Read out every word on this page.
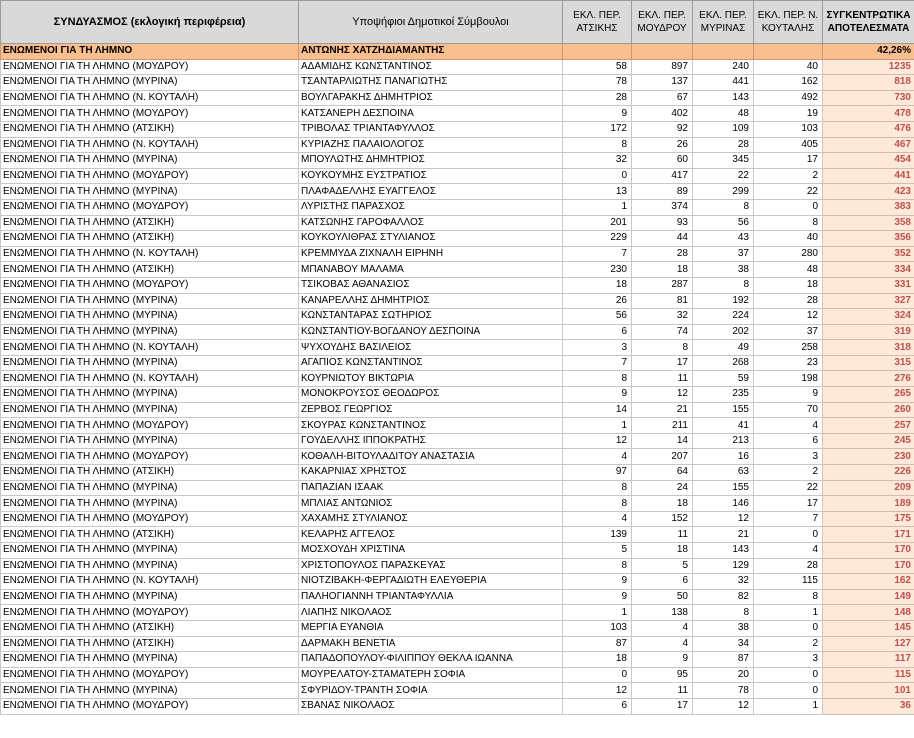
ΣΥΝΔΥΑΣΜΟΣ (εκλογική περιφέρεια)	Υποψήφιοι Δημοτικοί Σύμβουλοι	ΕΚΛ. ΠΕΡ. ΑΤΣΙΚΗΣ	ΕΚΛ. ΠΕΡ. ΜΟΥΔΡΟΥ	ΕΚΛ. ΠΕΡ. ΜΥΡΙΝΑΣ	ΕΚΛ. ΠΕΡ. Ν. ΚΟΥΤΑΛΗΣ	ΣΥΓΚΕΝΤΡΩΤΙΚΑ ΑΠΟΤΕΛΕΣΜΑΤΑ
ΕΝΩΜΕΝΟΙ ΓΙΑ ΤΗ ΛΗΜΝΟ	ΑΝΤΩΝΗΣ ΧΑΤΖΗΔΙΑΜΑΝΤΗΣ					42,26%
ΕΝΩΜΕΝΟΙ ΓΙΑ ΤΗ ΛΗΜΝΟ (ΜΟΥΔΡΟΥ)	ΑΔΑΜΙΔΗΣ ΚΩΝΣΤΑΝΤΙΝΟΣ	58	897	240	40	1235
ΕΝΩΜΕΝΟΙ ΓΙΑ ΤΗ ΛΗΜΝΟ (ΜΥΡΙΝΑ)	ΤΣΑΝΤΑΡΛΙΩΤΗΣ ΠΑΝΑΓΙΩΤΗΣ	78	137	441	162	818
ΕΝΩΜΕΝΟΙ ΓΙΑ ΤΗ ΛΗΜΝΟ (Ν. ΚΟΥΤΑΛΗ)	ΒΟΥΛΓΑΡΑΚΗΣ ΔΗΜΗΤΡΙΟΣ	28	67	143	492	730
ΕΝΩΜΕΝΟΙ ΓΙΑ ΤΗ ΛΗΜΝΟ (ΜΟΥΔΡΟΥ)	ΚΑΤΣΑΝΕΡΗ ΔΕΣΠΟΙΝΑ	9	402	48	19	478
ΕΝΩΜΕΝΟΙ ΓΙΑ ΤΗ ΛΗΜΝΟ (ΑΤΣΙΚΗ)	ΤΡΙΒΟΛΑΣ ΤΡΙΑΝΤΑΦΥΛΛΟΣ	172	92	109	103	476
ΕΝΩΜΕΝΟΙ ΓΙΑ ΤΗ ΛΗΜΝΟ (Ν. ΚΟΥΤΑΛΗ)	ΚΥΡΙΑΖΗΣ ΠΑΛΑΙΟΛΟΓΟΣ	8	26	28	405	467
ΕΝΩΜΕΝΟΙ ΓΙΑ ΤΗ ΛΗΜΝΟ (ΜΥΡΙΝΑ)	ΜΠΟΥΛΩΤΗΣ ΔΗΜΗΤΡΙΟΣ	32	60	345	17	454
ΕΝΩΜΕΝΟΙ ΓΙΑ ΤΗ ΛΗΜΝΟ (ΜΟΥΔΡΟΥ)	ΚΟΥΚΟΥΜΗΣ ΕΥΣΤΡΑΤΙΟΣ	0	417	22	2	441
ΕΝΩΜΕΝΟΙ ΓΙΑ ΤΗ ΛΗΜΝΟ (ΜΥΡΙΝΑ)	ΠΛΑΦΑΔΕΛΛΗΣ ΕΥΑΓΓΕΛΟΣ	13	89	299	22	423
ΕΝΩΜΕΝΟΙ ΓΙΑ ΤΗ ΛΗΜΝΟ (ΜΟΥΔΡΟΥ)	ΛΥΡΙΣΤΗΣ ΠΑΡΑΣΧΟΣ	1	374	8	0	383
ΕΝΩΜΕΝΟΙ ΓΙΑ ΤΗ ΛΗΜΝΟ (ΑΤΣΙΚΗ)	ΚΑΤΣΩΝΗΣ ΓΑΡΟΦΑΛΛΟΣ	201	93	56	8	358
ΕΝΩΜΕΝΟΙ ΓΙΑ ΤΗ ΛΗΜΝΟ (ΑΤΣΙΚΗ)	ΚΟΥΚΟΥΛΙΘΡΑΣ ΣΤΥΛΙΑΝΟΣ	229	44	43	40	356
ΕΝΩΜΕΝΟΙ ΓΙΑ ΤΗ ΛΗΜΝΟ (Ν. ΚΟΥΤΑΛΗ)	ΚΡΕΜΜΥΔΑ ΖΙΧΝΑΛΗ ΕΙΡΗΝΗ	7	28	37	280	352
ΕΝΩΜΕΝΟΙ ΓΙΑ ΤΗ ΛΗΜΝΟ (ΑΤΣΙΚΗ)	ΜΠΑΝΑΒΟΥ ΜΑΛΑΜΑ	230	18	38	48	334
ΕΝΩΜΕΝΟΙ ΓΙΑ ΤΗ ΛΗΜΝΟ (ΜΟΥΔΡΟΥ)	ΤΣΙΚΟΒΑΣ ΑΘΑΝΑΣΙΟΣ	18	287	8	18	331
ΕΝΩΜΕΝΟΙ ΓΙΑ ΤΗ ΛΗΜΝΟ (ΜΥΡΙΝΑ)	ΚΑΝΑΡΕΛΛΗΣ ΔΗΜΗΤΡΙΟΣ	26	81	192	28	327
ΕΝΩΜΕΝΟΙ ΓΙΑ ΤΗ ΛΗΜΝΟ (ΜΥΡΙΝΑ)	ΚΩΝΣΤΑΝΤΑΡΑΣ ΣΩΤΗΡΙΟΣ	56	32	224	12	324
ΕΝΩΜΕΝΟΙ ΓΙΑ ΤΗ ΛΗΜΝΟ (ΜΥΡΙΝΑ)	ΚΩΝΣΤΑΝΤΙΟΥ-ΒΟΓΔΑΝΟΥ ΔΕΣΠΟΙΝΑ	6	74	202	37	319
ΕΝΩΜΕΝΟΙ ΓΙΑ ΤΗ ΛΗΜΝΟ (Ν. ΚΟΥΤΑΛΗ)	ΨΥΧΟΥΔΗΣ ΒΑΣΙΛΕΙΟΣ	3	8	49	258	318
ΕΝΩΜΕΝΟΙ ΓΙΑ ΤΗ ΛΗΜΝΟ (ΜΥΡΙΝΑ)	ΑΓΑΠΙΟΣ ΚΩΝΣΤΑΝΤΙΝΟΣ	7	17	268	23	315
ΕΝΩΜΕΝΟΙ ΓΙΑ ΤΗ ΛΗΜΝΟ (Ν. ΚΟΥΤΑΛΗ)	ΚΟΥΡΝΙΩΤΟΥ ΒΙΚΤΩΡΙΑ	8	11	59	198	276
ΕΝΩΜΕΝΟΙ ΓΙΑ ΤΗ ΛΗΜΝΟ (ΜΥΡΙΝΑ)	ΜΟΝΟΚΡΟΥΣΟΣ ΘΕΟΔΩΡΟΣ	9	12	235	9	265
ΕΝΩΜΕΝΟΙ ΓΙΑ ΤΗ ΛΗΜΝΟ (ΜΥΡΙΝΑ)	ΖΕΡΒΟΣ ΓΕΩΡΓΙΟΣ	14	21	155	70	260
ΕΝΩΜΕΝΟΙ ΓΙΑ ΤΗ ΛΗΜΝΟ (ΜΟΥΔΡΟΥ)	ΣΚΟΥΡΑΣ ΚΩΝΣΤΑΝΤΙΝΟΣ	1	211	41	4	257
ΕΝΩΜΕΝΟΙ ΓΙΑ ΤΗ ΛΗΜΝΟ (ΜΥΡΙΝΑ)	ΓΟΥΔΕΛΛΗΣ ΙΠΠΟΚΡΑΤΗΣ	12	14	213	6	245
ΕΝΩΜΕΝΟΙ ΓΙΑ ΤΗ ΛΗΜΝΟ (ΜΟΥΔΡΟΥ)	ΚΟΘΑΛΗ-ΒΙΤΟΥΛΑΔΙΤΟΥ ΑΝΑΣΤΑΣΙΑ	4	207	16	3	230
ΕΝΩΜΕΝΟΙ ΓΙΑ ΤΗ ΛΗΜΝΟ (ΑΤΣΙΚΗ)	ΚΑΚΑΡΝΙΑΣ ΧΡΗΣΤΟΣ	97	64	63	2	226
ΕΝΩΜΕΝΟΙ ΓΙΑ ΤΗ ΛΗΜΝΟ (ΜΥΡΙΝΑ)	ΠΑΠΑΖΙΑΝ ΙΣΑΑΚ	8	24	155	22	209
ΕΝΩΜΕΝΟΙ ΓΙΑ ΤΗ ΛΗΜΝΟ (ΜΥΡΙΝΑ)	ΜΠΛΙΑΣ ΑΝΤΩΝΙΟΣ	8	18	146	17	189
ΕΝΩΜΕΝΟΙ ΓΙΑ ΤΗ ΛΗΜΝΟ (ΜΟΥΔΡΟΥ)	ΧΑΧΑΜΗΣ ΣΤΥΛΙΑΝΟΣ	4	152	12	7	175
ΕΝΩΜΕΝΟΙ ΓΙΑ ΤΗ ΛΗΜΝΟ (ΑΤΣΙΚΗ)	ΚΕΛΑΡΗΣ ΑΓΓΕΛΟΣ	139	11	21	0	171
ΕΝΩΜΕΝΟΙ ΓΙΑ ΤΗ ΛΗΜΝΟ (ΜΥΡΙΝΑ)	ΜΟΣΧΟΥΔΗ ΧΡΙΣΤΙΝΑ	5	18	143	4	170
ΕΝΩΜΕΝΟΙ ΓΙΑ ΤΗ ΛΗΜΝΟ (ΜΥΡΙΝΑ)	ΧΡΙΣΤΟΠΟΥΛΟΣ ΠΑΡΑΣΚΕΥΑΣ	8	5	129	28	170
ΕΝΩΜΕΝΟΙ ΓΙΑ ΤΗ ΛΗΜΝΟ (Ν. ΚΟΥΤΑΛΗ)	ΝΙΟΤΖΙΒΑΚΗ-ΦΕΡΓΑΔΙΩΤΗ ΕΛΕΥΘΕΡΙΑ	9	6	32	115	162
ΕΝΩΜΕΝΟΙ ΓΙΑ ΤΗ ΛΗΜΝΟ (ΜΥΡΙΝΑ)	ΠΑΛΗΟΓΙΑΝΝΗ ΤΡΙΑΝΤΑΦΥΛΛΙΑ	9	50	82	8	149
ΕΝΩΜΕΝΟΙ ΓΙΑ ΤΗ ΛΗΜΝΟ (ΜΟΥΔΡΟΥ)	ΛΙΑΠΗΣ ΝΙΚΟΛΑΟΣ	1	138	8	1	148
ΕΝΩΜΕΝΟΙ ΓΙΑ ΤΗ ΛΗΜΝΟ (ΑΤΣΙΚΗ)	ΜΕΡΓΙΑ ΕΥΑΝΘΙΑ	103	4	38	0	145
ΕΝΩΜΕΝΟΙ ΓΙΑ ΤΗ ΛΗΜΝΟ (ΑΤΣΙΚΗ)	ΔΑΡΜΑΚΗ ΒΕΝΕΤΙΑ	87	4	34	2	127
ΕΝΩΜΕΝΟΙ ΓΙΑ ΤΗ ΛΗΜΝΟ (ΜΥΡΙΝΑ)	ΠΑΠΑΔΟΠΟΥΛΟΥ-ΦΙΛΙΠΠΟΥ ΘΕΚΛΑ ΙΩΑΝΝΑ	18	9	87	3	117
ΕΝΩΜΕΝΟΙ ΓΙΑ ΤΗ ΛΗΜΝΟ (ΜΟΥΔΡΟΥ)	ΜΟΥΡΕΛΑΤΟΥ-ΣΤΑΜΑΤΕΡΗ ΣΟΦΙΑ	0	95	20	0	115
ΕΝΩΜΕΝΟΙ ΓΙΑ ΤΗ ΛΗΜΝΟ (ΜΥΡΙΝΑ)	ΣΦΥΡΙΔΟΥ-ΤΡΑΝΤΗ ΣΟΦΙΑ	12	11	78	0	101
ΕΝΩΜΕΝΟΙ ΓΙΑ ΤΗ ΛΗΜΝΟ (ΜΟΥΔΡΟΥ)	ΣΒΑΝΑΣ ΝΙΚΟΛΑΟΣ	6	17	12	1	36
